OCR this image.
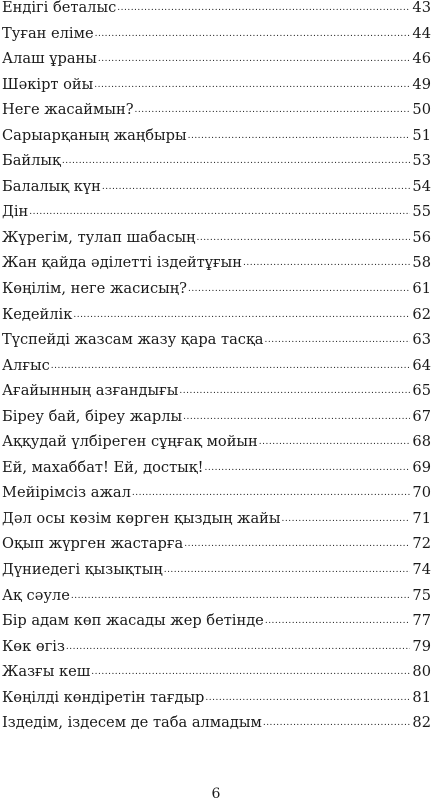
Ендігі беталыс .....	43
Туған еліме .....	44
Алаш ұраны .....	46
Шәкірт ойы .....	49
Неге жасаймын? .....	50
Сарыарқаның жаңбыры .....	51
Байлық .....	53
Балалық күн .....	54
Дін .....	55
Жүрегім, тулап шабасың .....	56
Жан қайда әділетті іздейтұғын .....	58
Көңілім, неге жасисың? .....	61
Кедейлік .....	62
Түспейді жазсам жазу қара тасқа .....	63
Алғыс .....	64
Ағайынның азғандығы .....	65
Біреу бай, біреу жарлы .....	67
Аққудай үлбіреген сұңғақ мойын .....	68
Ей, махаббат! Ей, достық! .....	69
Мейірімсіз ажал .....	70
Дәл осы көзім көрген қыздың жайы .....	71
Оқып жүрген жастарға .....	72
Дүниедегі қызықтың .....	74
Ақ сәуле .....	75
Бір адам көп жасады жер бетінде .....	77
Көк өгіз .....	79
Жазғы кеш .....	80
Көңілді көндіретін тағдыр .....	81
Іздедім, іздесем де таба алмадым .....	82
6
